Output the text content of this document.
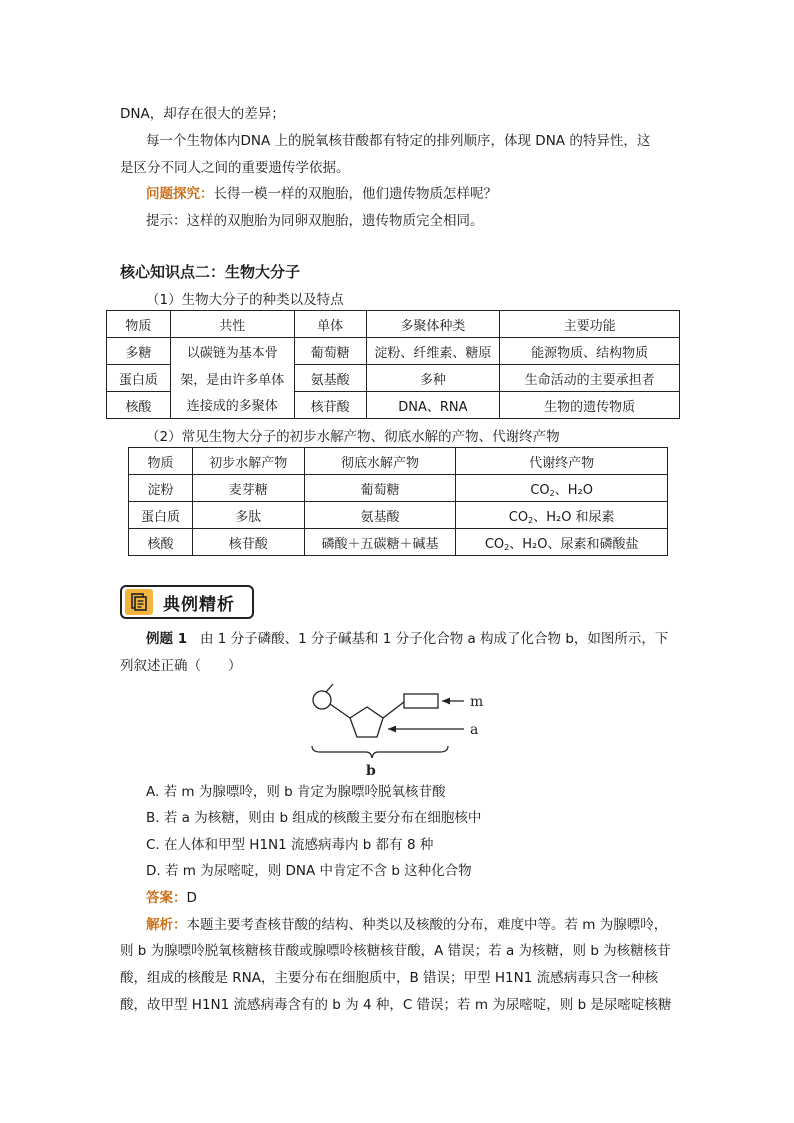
DNA，却存在很大的差异；
每一个生物体内DNA 上的脱氧核苷酸都有特定的排列顺序，体现 DNA 的特异性，这
是区分不同人之间的重要遗传学依据。
问题探究：长得一模一样的双胞胎，他们遗传物质怎样呢？
提示：这样的双胞胎为同卵双胞胎，遗传物质完全相同。
核心知识点二：生物大分子
（1）生物大分子的种类以及特点
物质	共性	单体	多聚体种类	主要功能
多糖	以碳链为基本骨	葡萄糖	淀粉、纤维素、糖原	能源物质、结构物质
蛋白质	架，是由许多单体	氨基酸	多种	生命活动的主要承担者
核酸	连接成的多聚体	核苷酸	DNA、RNA	生物的遗传物质
（2）常见生物大分子的初步水解产物、彻底水解的产物、代谢终产物
物质	初步水解产物	彻底水解产物	代谢终产物
淀粉	麦芽糖	葡萄糖	$CO_2$、H₂O
蛋白质	多肽	氨基酸	$CO_2$、H₂O 和尿素
核酸	核苷酸	磷酸＋五碳糖＋碱基	$CO_2$、H₂O、尿素和磷酸盐
典例精析
例题 1 由 1 分子磷酸、1 分子碱基和 1 分子化合物 a 构成了化合物 b，如图所示，下
列叙述正确（　　）
m
a
b
A. 若 m 为腺嘌呤，则 b 肯定为腺嘌呤脱氧核苷酸
B. 若 a 为核糖，则由 b 组成的核酸主要分布在细胞核中
C. 在人体和甲型 H1N1 流感病毒内 b 都有 8 种
D. 若 m 为尿嘧啶，则 DNA 中肯定不含 b 这种化合物
答案：D
解析：本题主要考查核苷酸的结构、种类以及核酸的分布，难度中等。若 m 为腺嘌呤，
则 b 为腺嘌呤脱氧核糖核苷酸或腺嘌呤核糖核苷酸，A 错误；若 a 为核糖，则 b 为核糖核苷
酸，组成的核酸是 RNA，主要分布在细胞质中，B 错误；甲型 H1N1 流感病毒只含一种核
酸，故甲型 H1N1 流感病毒含有的 b 为 4 种，C 错误；若 m 为尿嘧啶，则 b 是尿嘧啶核糖
